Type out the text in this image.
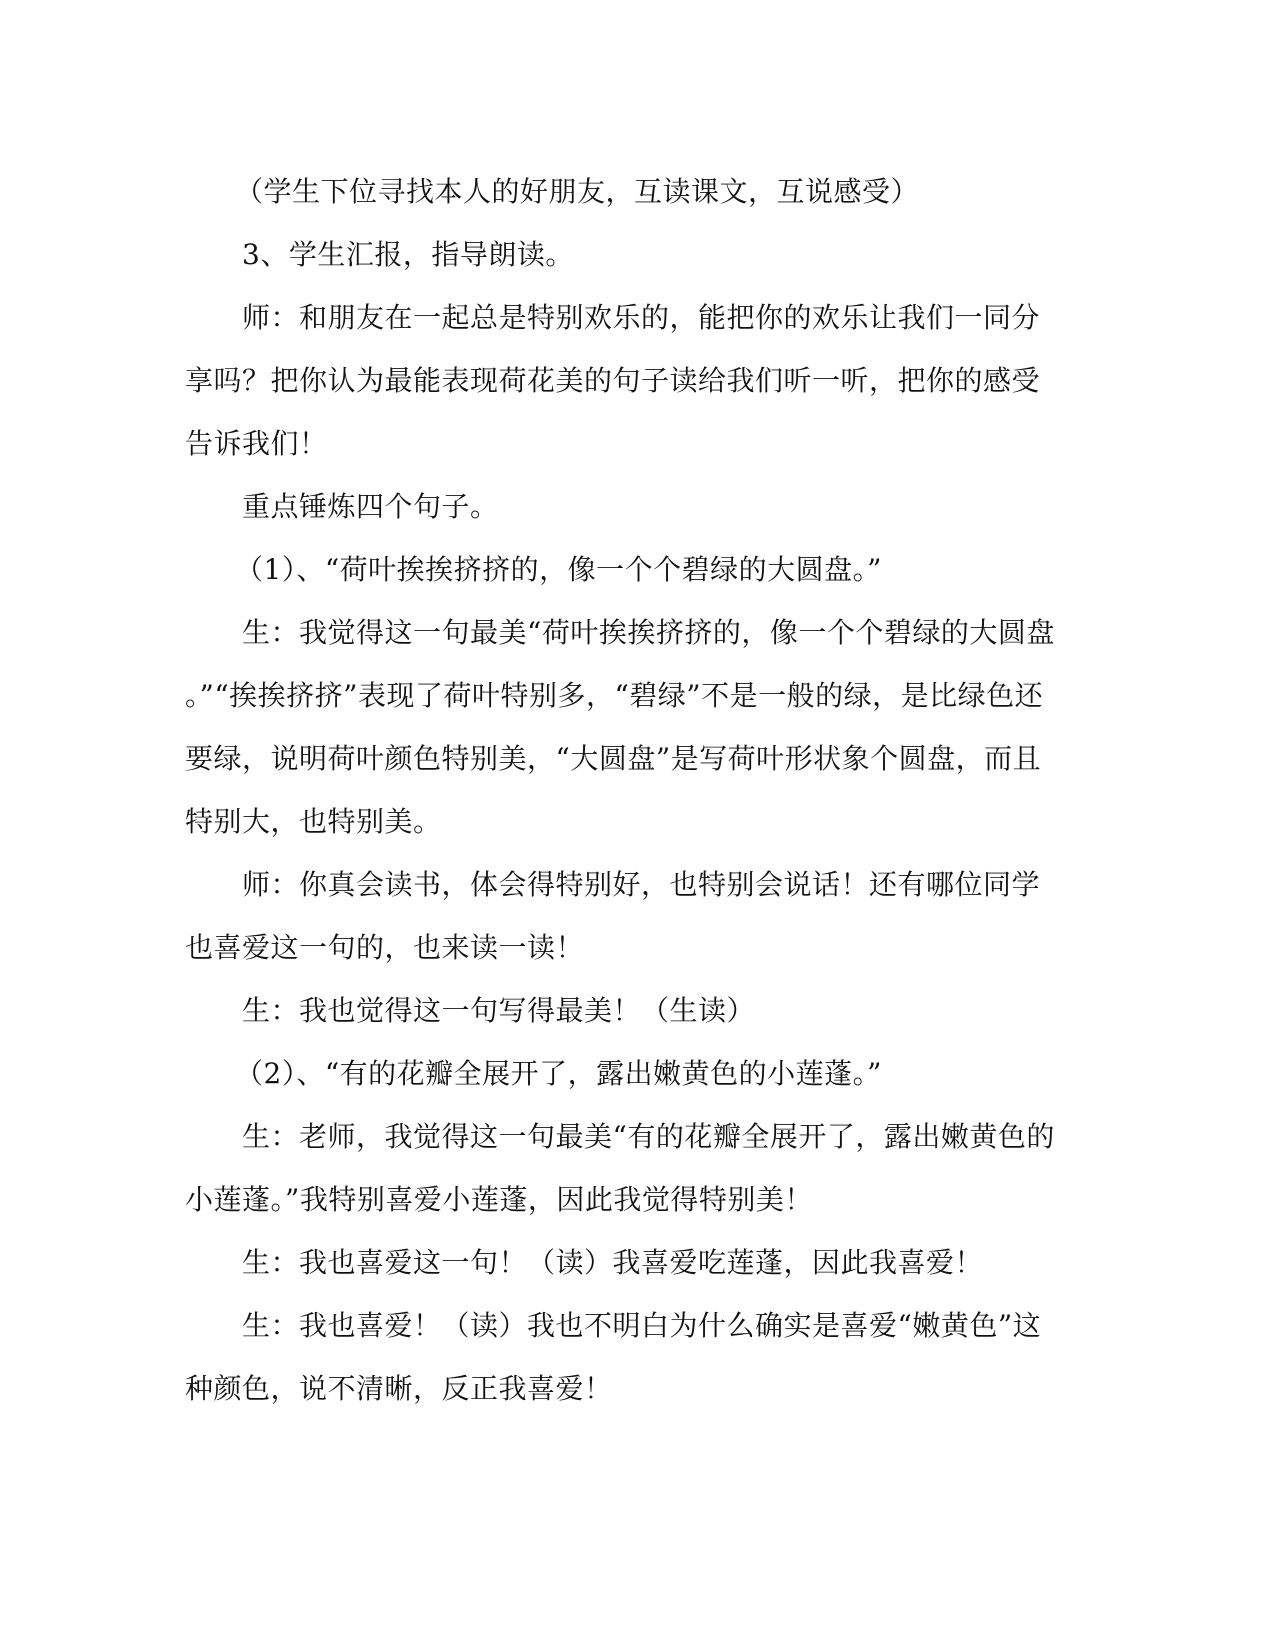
（学生下位寻找本人的好朋友，互读课文，互说感受）

3、学生汇报，指导朗读。

师：和朋友在一起总是特别欢乐的，能把你的欢乐让我们一同分

享吗？把你认为最能表现荷花美的句子读给我们听一听，把你的感受

告诉我们！

重点锤炼四个句子。

（1）、“荷叶挨挨挤挤的，像一个个碧绿的大圆盘。”

生：我觉得这一句最美“荷叶挨挨挤挤的，像一个个碧绿的大圆盘

。”“挨挨挤挤”表现了荷叶特别多，“碧绿”不是一般的绿，是比绿色还

要绿，说明荷叶颜色特别美，“大圆盘”是写荷叶形状象个圆盘，而且

特别大，也特别美。

师：你真会读书，体会得特别好，也特别会说话！还有哪位同学

也喜爱这一句的，也来读一读！

生：我也觉得这一句写得最美！（生读）

（2）、“有的花瓣全展开了，露出嫩黄色的小莲蓬。”

生：老师，我觉得这一句最美“有的花瓣全展开了，露出嫩黄色的

小莲蓬。”我特别喜爱小莲蓬，因此我觉得特别美！

生：我也喜爱这一句！（读）我喜爱吃莲蓬，因此我喜爱！

生：我也喜爱！（读）我也不明白为什么确实是喜爱“嫩黄色”这

种颜色，说不清晰，反正我喜爱！
